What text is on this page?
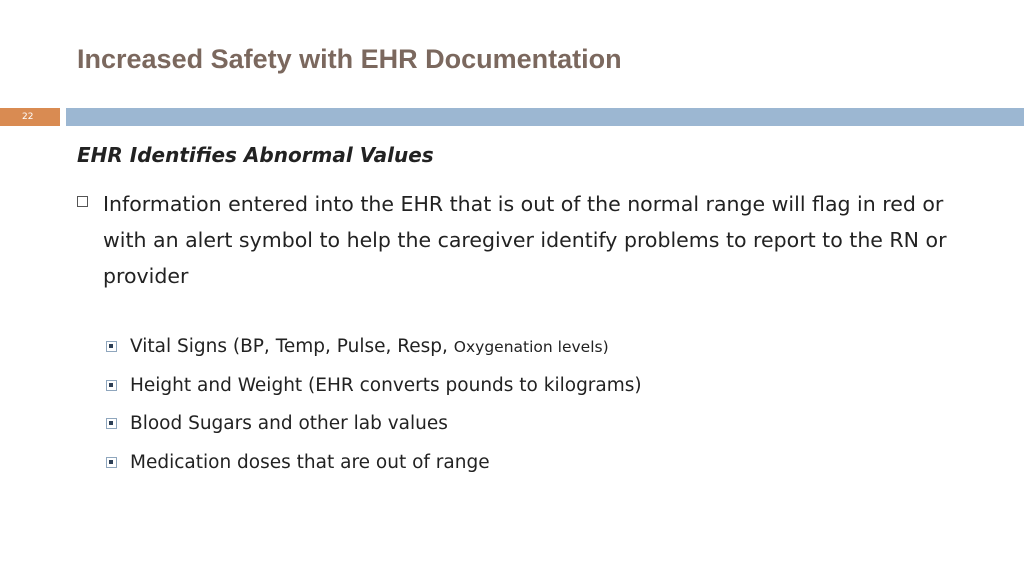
Increased Safety with EHR Documentation
22
EHR Identifies Abnormal Values
Information entered into the EHR that is out of the normal range will flag in red or with an alert symbol to help the caregiver identify problems to report to the RN or provider
Vital Signs (BP, Temp, Pulse, Resp, Oxygenation levels)
Height and Weight (EHR converts pounds to kilograms)
Blood Sugars and other lab values
Medication doses that are out of range
